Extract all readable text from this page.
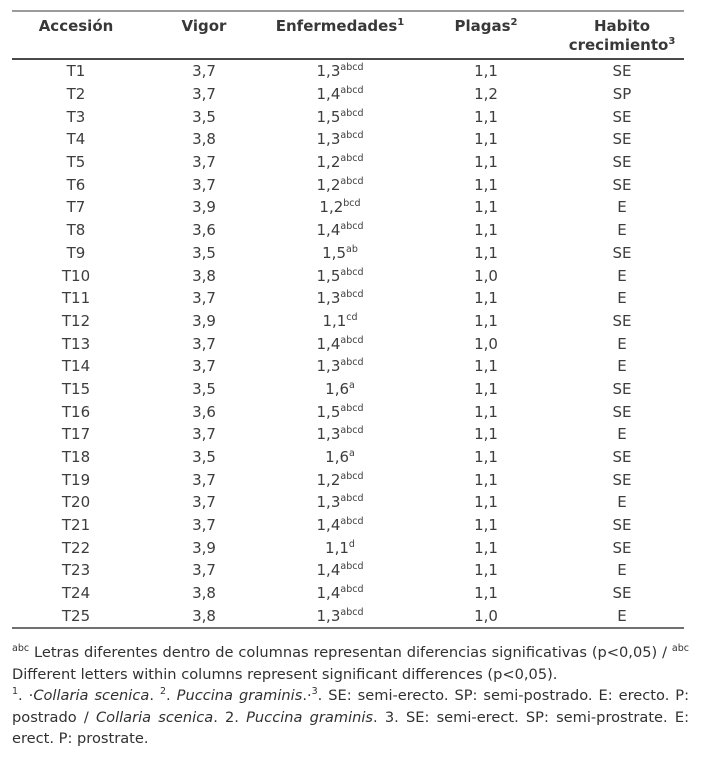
Accesión	Vigor	Enfermedades$^1$	Plagas$^2$	Habito crecimiento$^3$
T1	3,7	$1,3^{abcd}$	1,1	SE
T2	3,7	$1,4^{abcd}$	1,2	SP
T3	3,5	$1,5^{abcd}$	1,1	SE
T4	3,8	$1,3^{abcd}$	1,1	SE
T5	3,7	$1,2^{abcd}$	1,1	SE
T6	3,7	$1,2^{abcd}$	1,1	SE
T7	3,9	1,2$^{bcd}$	1,1	E
T8	3,6	$1,4^{abcd}$	1,1	E
T9	3,5	1,5$^{ab}$	1,1	SE
T10	3,8	$1,5^{abcd}$	1,0	E
T11	3,7	$1,3^{abcd}$	1,1	E
T12	3,9	1,1$^{cd}$	1,1	SE
T13	3,7	$1,4^{abcd}$	1,0	E
T14	3,7	$1,3^{abcd}$	1,1	E
T15	3,5	1,6$^a$	1,1	SE
T16	3,6	$1,5^{abcd}$	1,1	SE
T17	3,7	$1,3^{abcd}$	1,1	E
T18	3,5	1,6$^a$	1,1	SE
T19	3,7	$1,2^{abcd}$	1,1	SE
T20	3,7	$1,3^{abcd}$	1,1	E
T21	3,7	$1,4^{abcd}$	1,1	SE
T22	3,9	1,1$^d$	1,1	SE
T23	3,7	$1,4^{abcd}$	1,1	E
T24	3,8	$1,4^{abcd}$	1,1	SE
T25	3,8	$1,3^{abcd}$	1,0	E

$^{abc}$ Letras diferentes dentro de columnas representan diferencias significativas (p<0,05) / $^{abc}$ Different letters within columns represent significant differences (p<0,05).

$^1$. ·Collaria scenica. $^2$. Puccina graminis.·$^3$. SE: semi-erecto. SP: semi-postrado. E: erecto. P: postrado / Collaria scenica. 2. Puccina graminis. 3. SE: semi-erect. SP: semi-prostrate. E: erect. P: prostrate.
